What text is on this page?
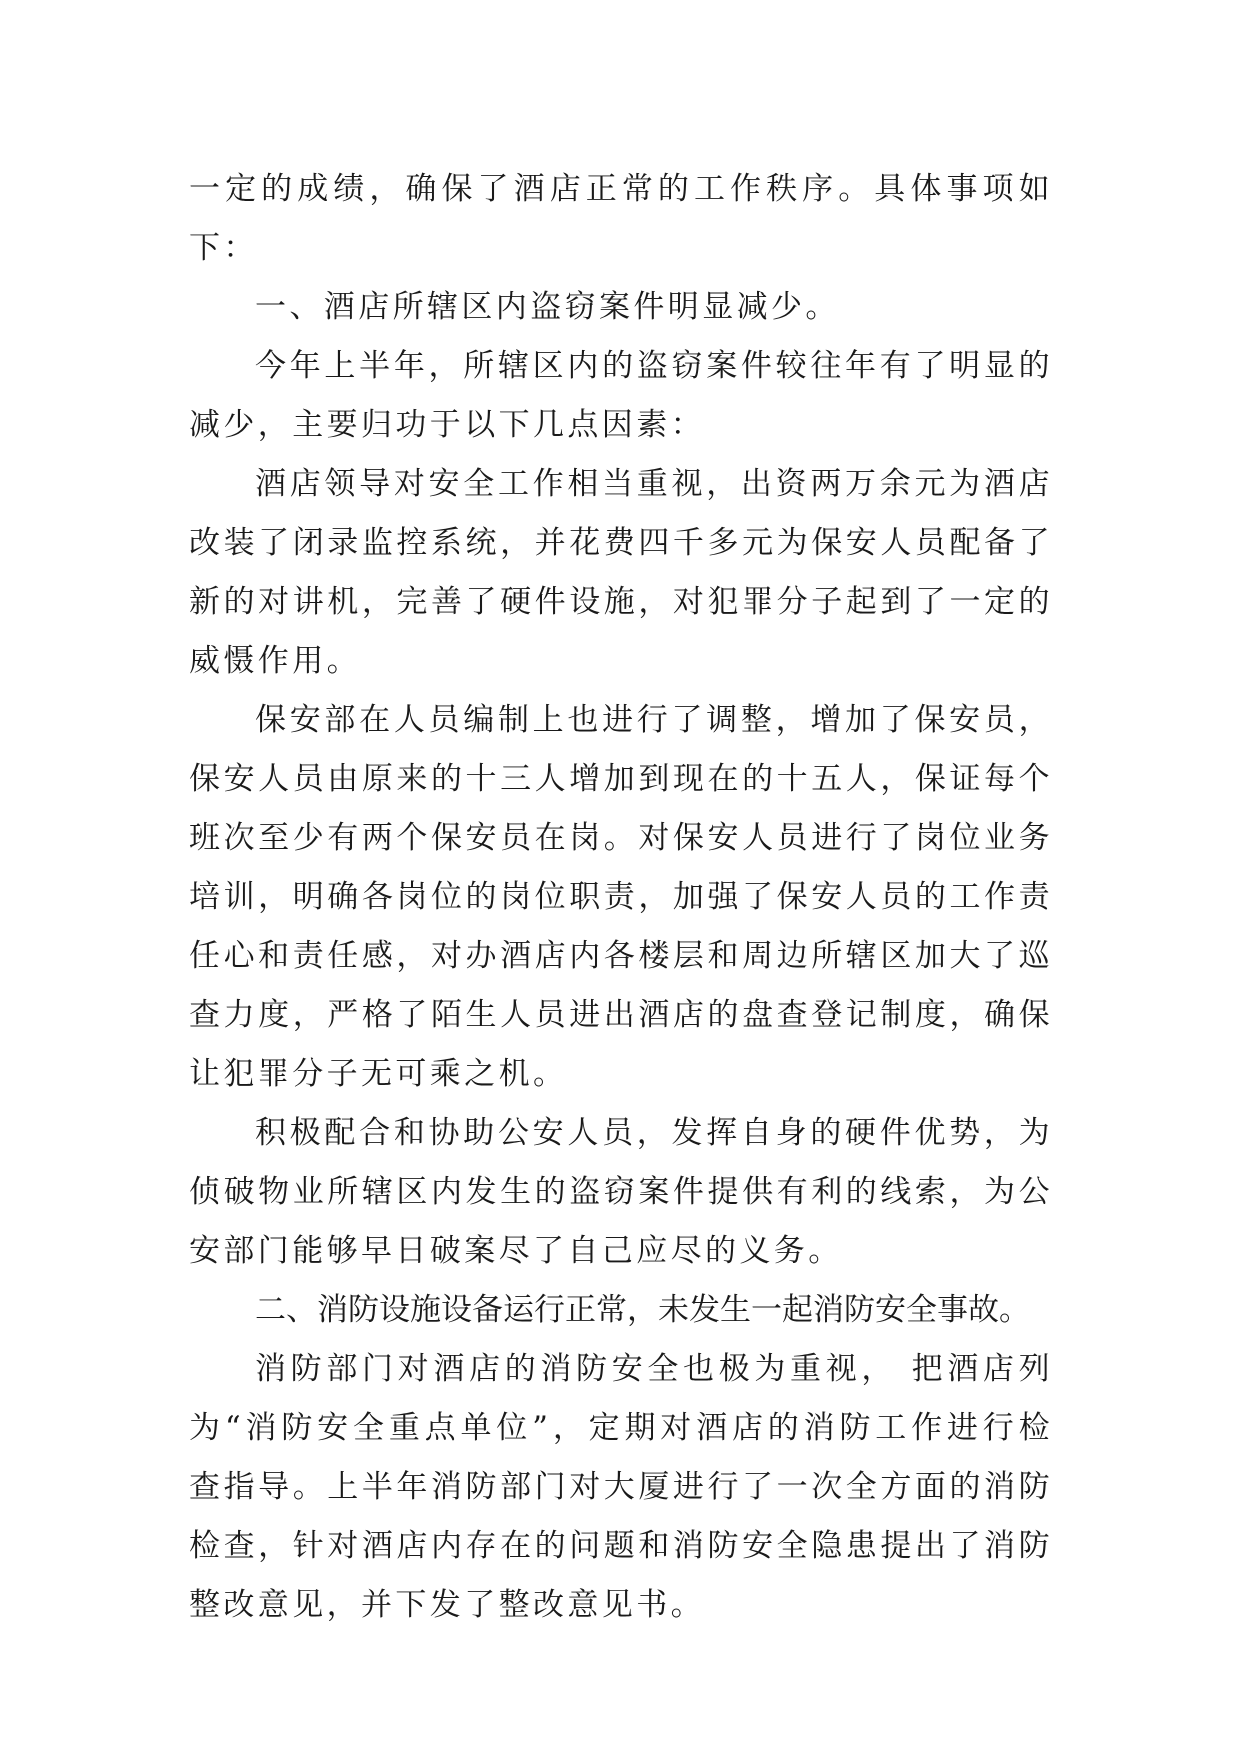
一定的成绩，确保了酒店正常的工作秩序。具体事项如下：

一、酒店所辖区内盗窃案件明显减少。

今年上半年，所辖区内的盗窃案件较往年有了明显的减少，主要归功于以下几点因素：

酒店领导对安全工作相当重视，出资两万余元为酒店改装了闭录监控系统，并花费四千多元为保安人员配备了新的对讲机，完善了硬件设施，对犯罪分子起到了一定的威慑作用。

保安部在人员编制上也进行了调整，增加了保安员，保安人员由原来的十三人增加到现在的十五人，保证每个班次至少有两个保安员在岗。对保安人员进行了岗位业务培训，明确各岗位的岗位职责，加强了保安人员的工作责任心和责任感，对办酒店内各楼层和周边所辖区加大了巡查力度，严格了陌生人员进出酒店的盘查登记制度，确保让犯罪分子无可乘之机。

积极配合和协助公安人员，发挥自身的硬件优势，为侦破物业所辖区内发生的盗窃案件提供有利的线索，为公安部门能够早日破案尽了自己应尽的义务。

二、消防设施设备运行正常，未发生一起消防安全事故。

消防部门对酒店的消防安全也极为重视， 把酒店列为“消防安全重点单位”，定期对酒店的消防工作进行检查指导。上半年消防部门对大厦进行了一次全方面的消防检查，针对酒店内存在的问题和消防安全隐患提出了消防整改意见，并下发了整改意见书。
